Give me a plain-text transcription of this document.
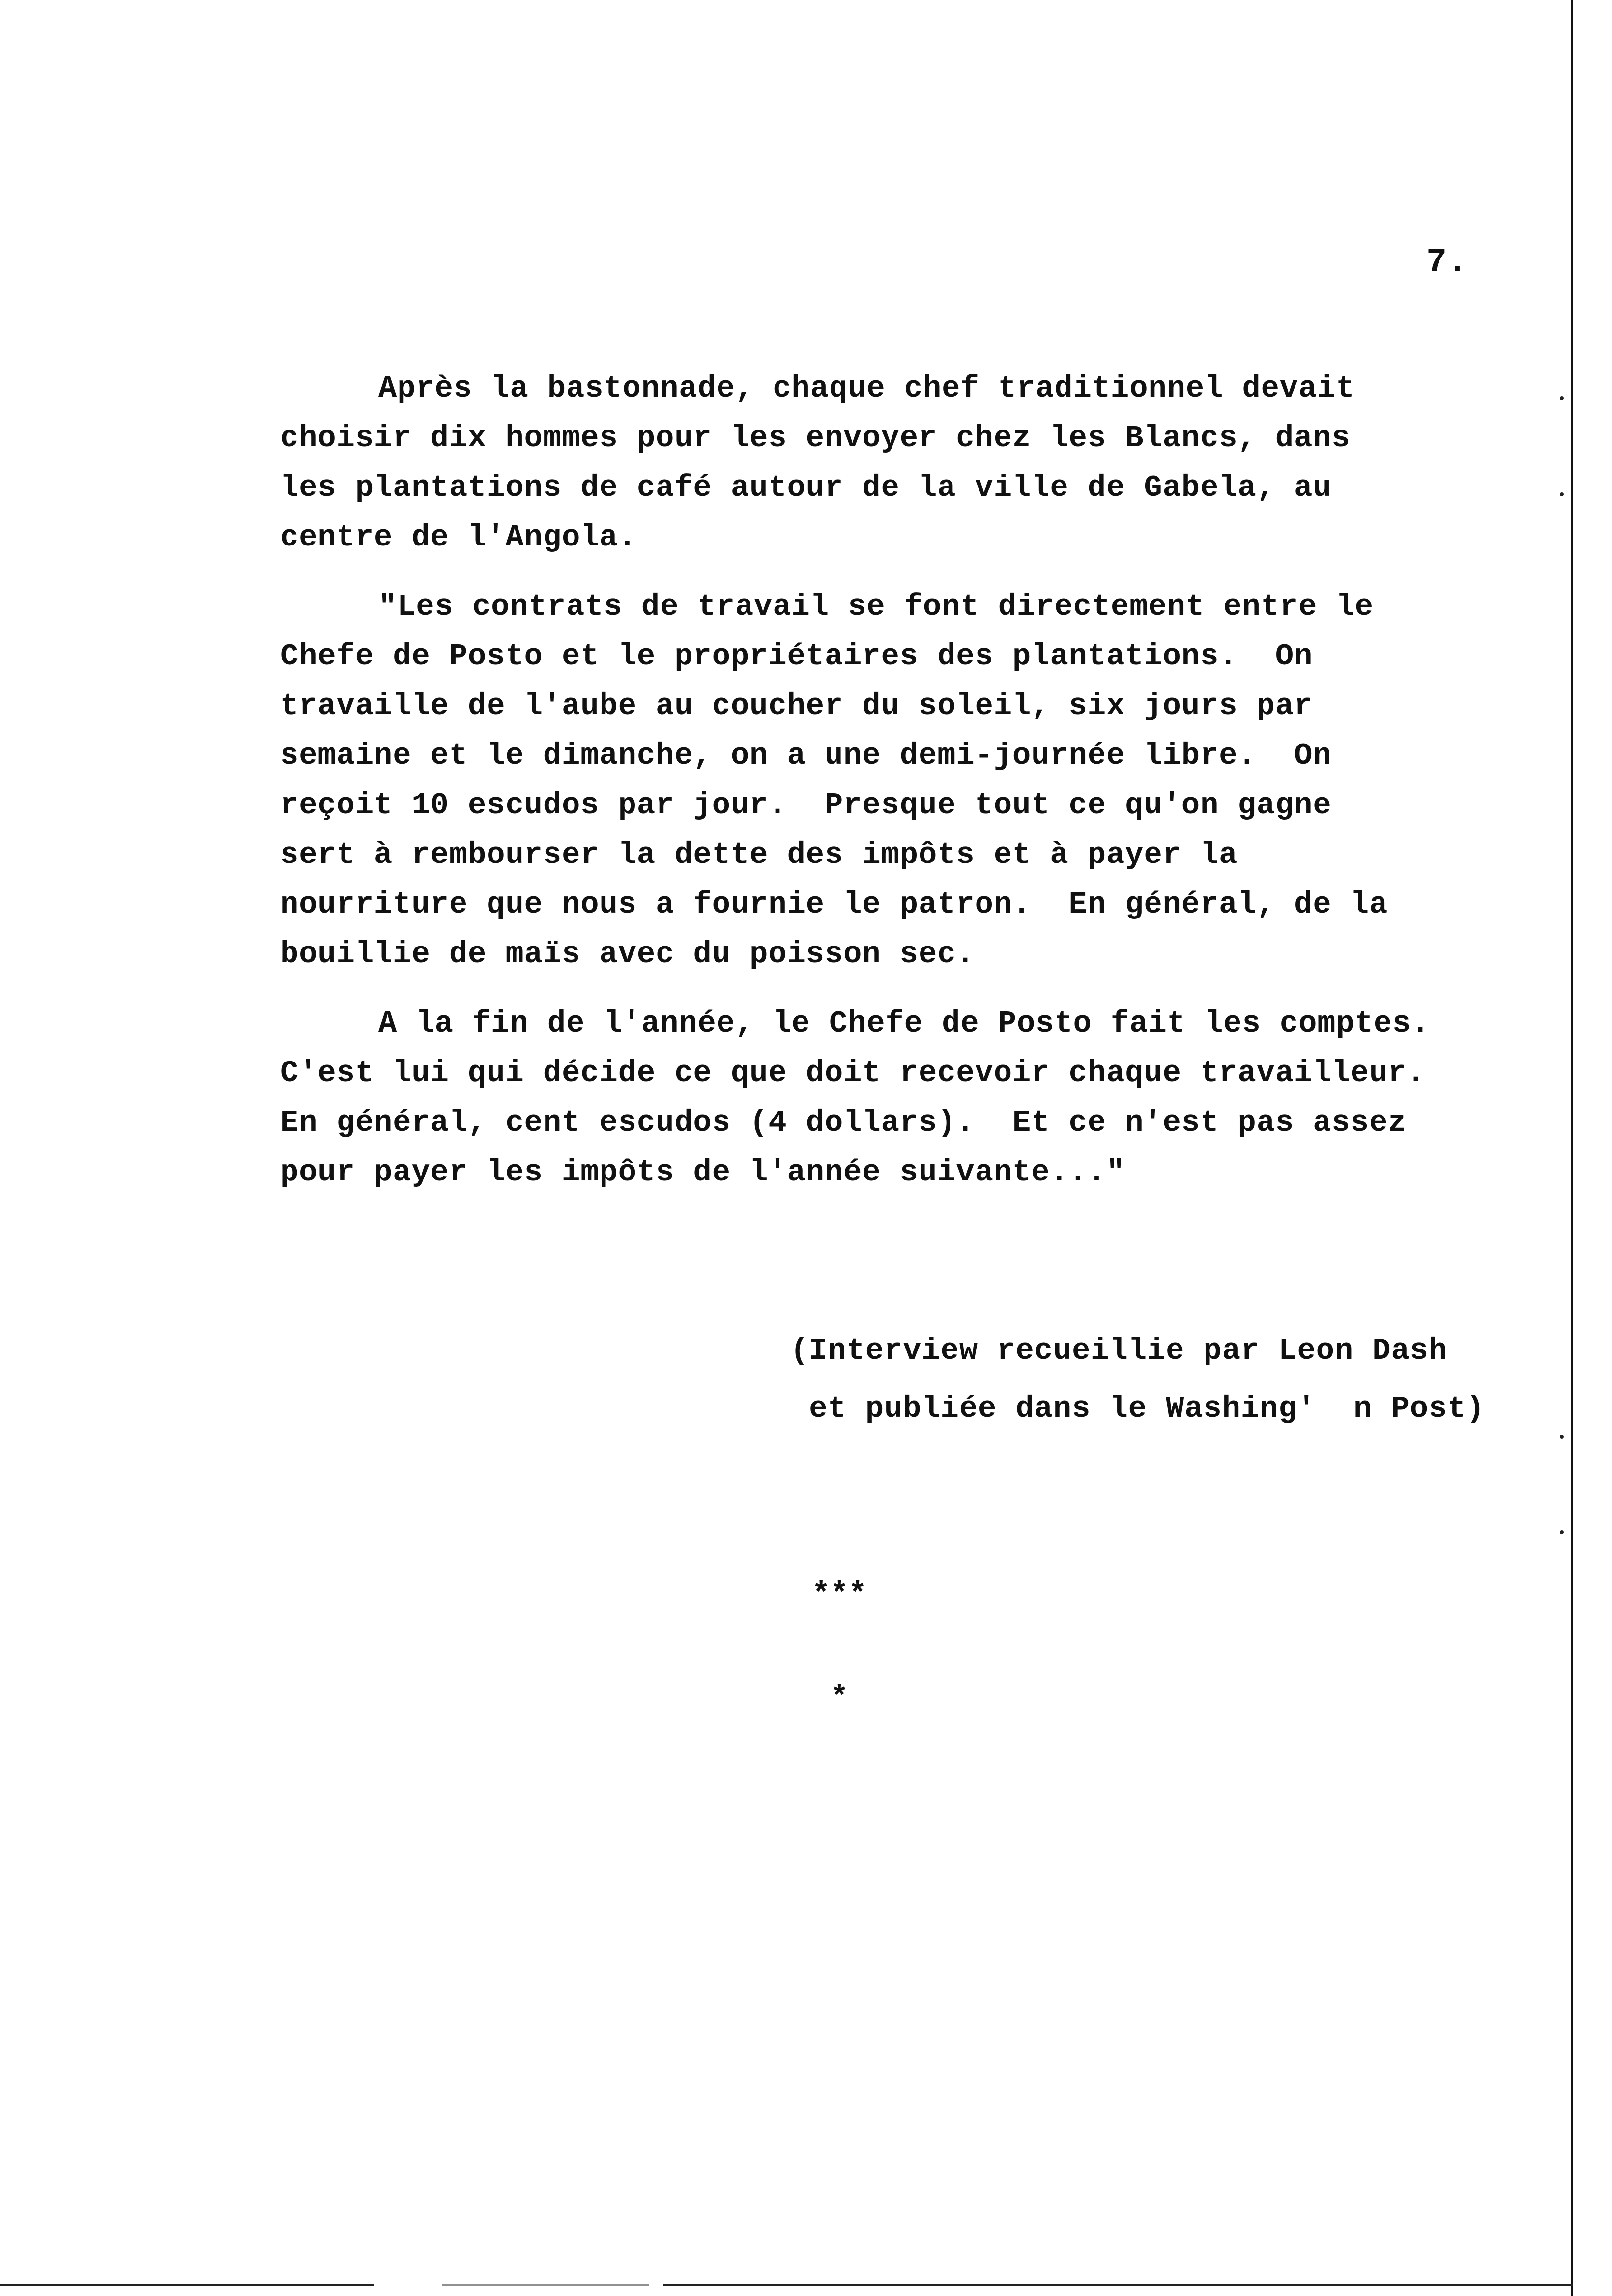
7.
Après la bastonnade, chaque chef traditionnel devait
choisir dix hommes pour les envoyer chez les Blancs, dans
les plantations de café autour de la ville de Gabela, au
centre de l'Angola.
"Les contrats de travail se font directement entre le
Chefe de Posto et le propriétaires des plantations.  On
travaille de l'aube au coucher du soleil, six jours par
semaine et le dimanche, on a une demi-journée libre.  On
reçoit 10 escudos par jour.  Presque tout ce qu'on gagne
sert à rembourser la dette des impôts et à payer la
nourriture que nous a fournie le patron.  En général, de la
bouillie de maïs avec du poisson sec.
A la fin de l'année, le Chefe de Posto fait les comptes.
C'est lui qui décide ce que doit recevoir chaque travailleur.
En général, cent escudos (4 dollars).  Et ce n'est pas assez
pour payer les impôts de l'année suivante..."
(Interview recueillie par Leon Dash
et publiée dans le Washing'  n Post)

***

*
